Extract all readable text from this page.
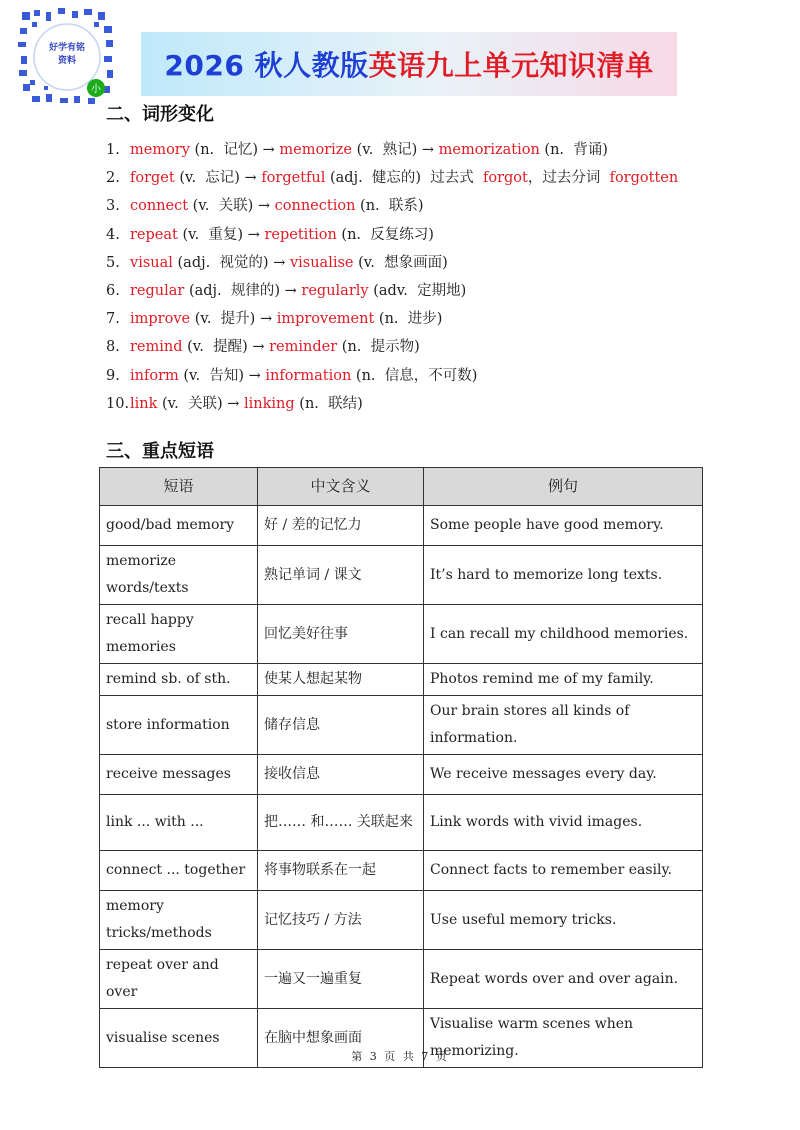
小
好学有铭
资料	2026 秋人教版 英语九上 单元知识清单
二、词形变化
1. memory (n.  记忆) → memorize (v.  熟记) → memorization (n.  背诵)
2. forget (v.  忘记) → forgetful (adj.  健忘的)  过去式  forgot，过去分词  forgotten
3. connect (v.  关联) → connection (n.  联系)
4. repeat (v.  重复) → repetition (n.  反复练习)
5. visual (adj.  视觉的) → visualise (v.  想象画面)
6. regular (adj.  规律的) → regularly (adv.  定期地)
7. improve (v.  提升) → improvement (n.  进步)
8. remind (v.  提醒) → reminder (n.  提示物)
9. inform (v.  告知) → information (n.  信息，不可数)
10.link (v.  关联) → linking (n.  联结)
三、重点短语
短语	中文含义	例句
good/bad memory	好 / 差的记忆力	Some people have good memory.
memorize words/texts	熟记单词 / 课文	It’s hard to memorize long texts.
recall happy memories	回忆美好往事	I can recall my childhood memories.
remind sb. of sth.	使某人想起某物	Photos remind me of my family.
store information	储存信息	Our brain stores all kinds of information.
receive messages	接收信息	We receive messages every day.
link ... with ...	把…… 和…… 关联起来	Link words with vivid images.
connect ... together	将事物联系在一起	Connect facts to remember easily.
memory tricks/methods	记忆技巧 / 方法	Use useful memory tricks.
repeat over and over	一遍又一遍重复	Repeat words over and over again.
visualise scenes	在脑中想象画面	Visualise warm scenes when memorizing.
第 3 页 共 7 页
